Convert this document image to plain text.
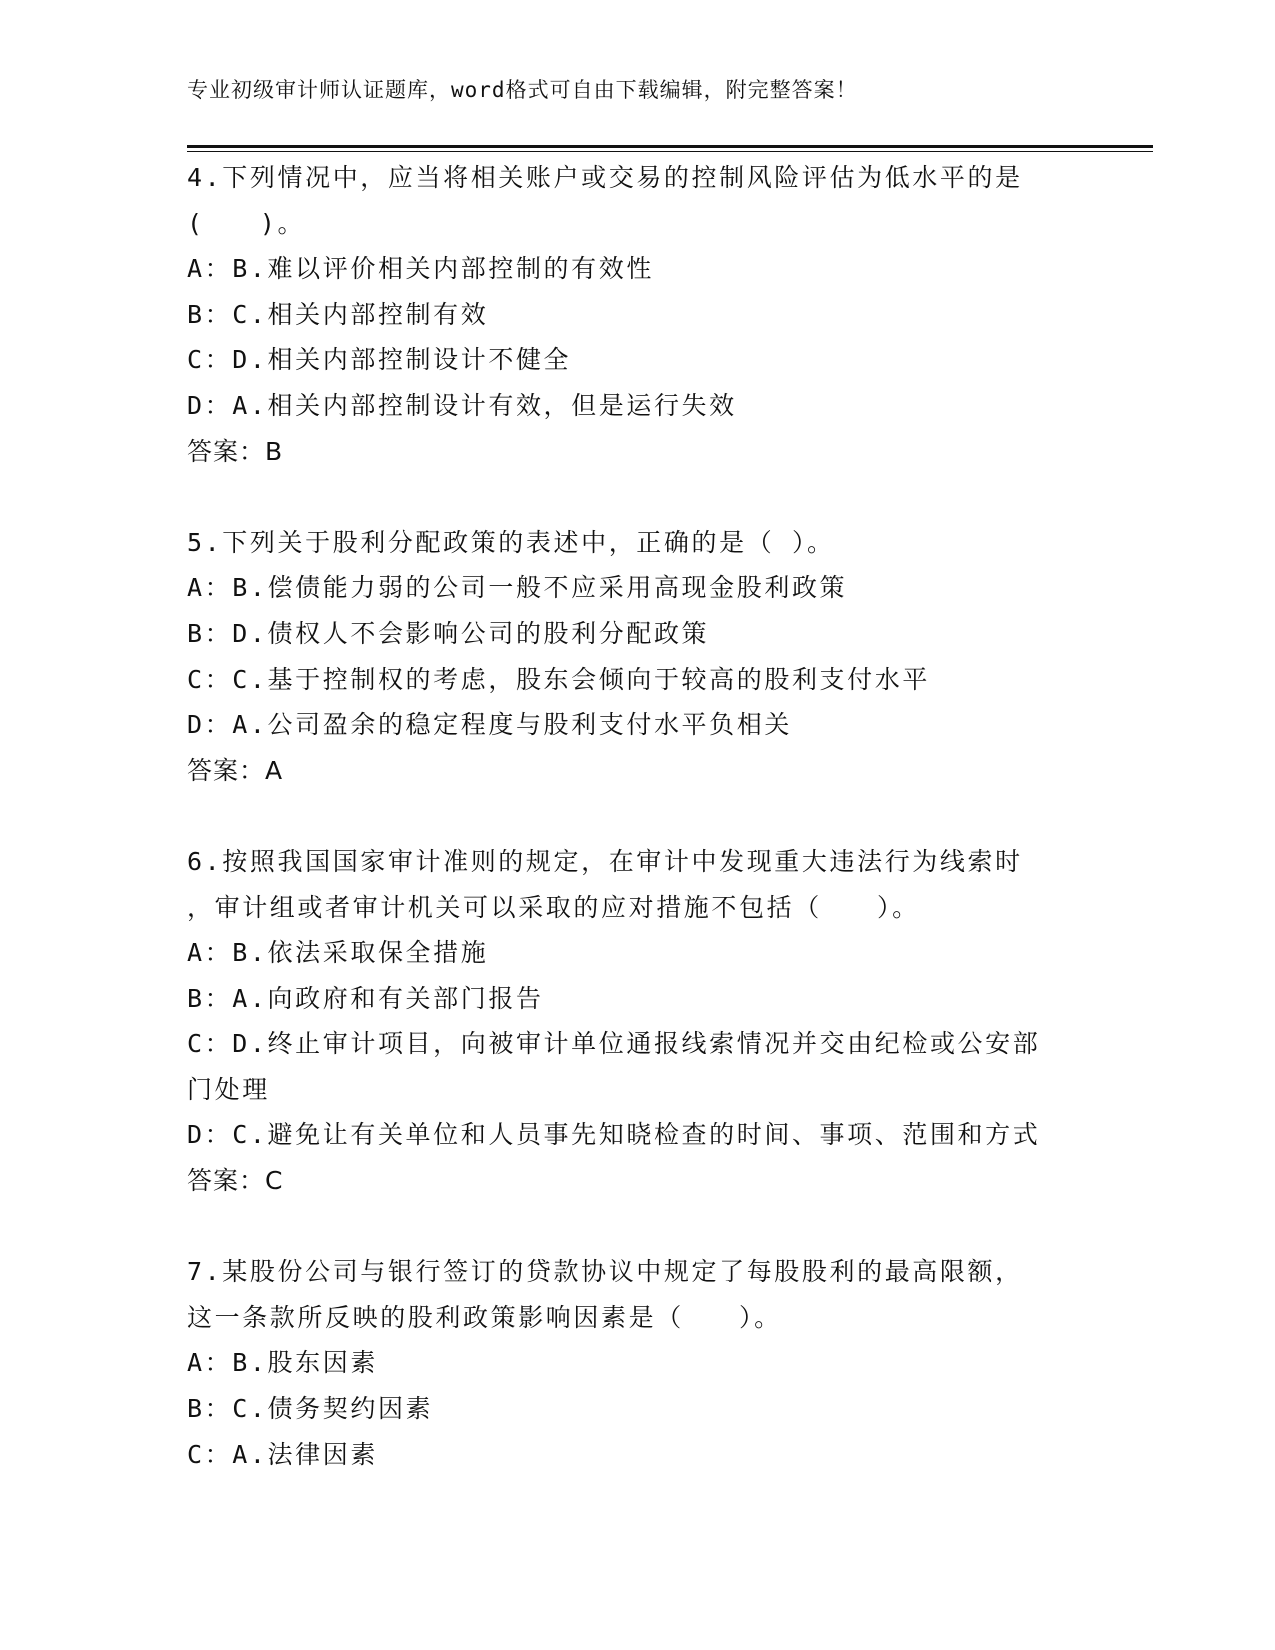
专业初级审计师认证题库，word格式可自由下载编辑，附完整答案！
4.下列情况中，应当将相关账户或交易的控制风险评估为低水平的是
(　　)。
A：B.难以评价相关内部控制的有效性
B：C.相关内部控制有效
C：D.相关内部控制设计不健全
D：A.相关内部控制设计有效，但是运行失效
答案：B
5.下列关于股利分配政策的表述中，正确的是（ ）。
A：B.偿债能力弱的公司一般不应采用高现金股利政策
B：D.债权人不会影响公司的股利分配政策
C：C.基于控制权的考虑，股东会倾向于较高的股利支付水平
D：A.公司盈余的稳定程度与股利支付水平负相关
答案：A
6.按照我国国家审计准则的规定，在审计中发现重大违法行为线索时
，审计组或者审计机关可以采取的应对措施不包括（　　）。
A：B.依法采取保全措施
B：A.向政府和有关部门报告
C：D.终止审计项目，向被审计单位通报线索情况并交由纪检或公安部
门处理
D：C.避免让有关单位和人员事先知晓检查的时间、事项、范围和方式
答案：C
7.某股份公司与银行签订的贷款协议中规定了每股股利的最高限额，
这一条款所反映的股利政策影响因素是（　　）。
A：B.股东因素
B：C.债务契约因素
C：A.法律因素
